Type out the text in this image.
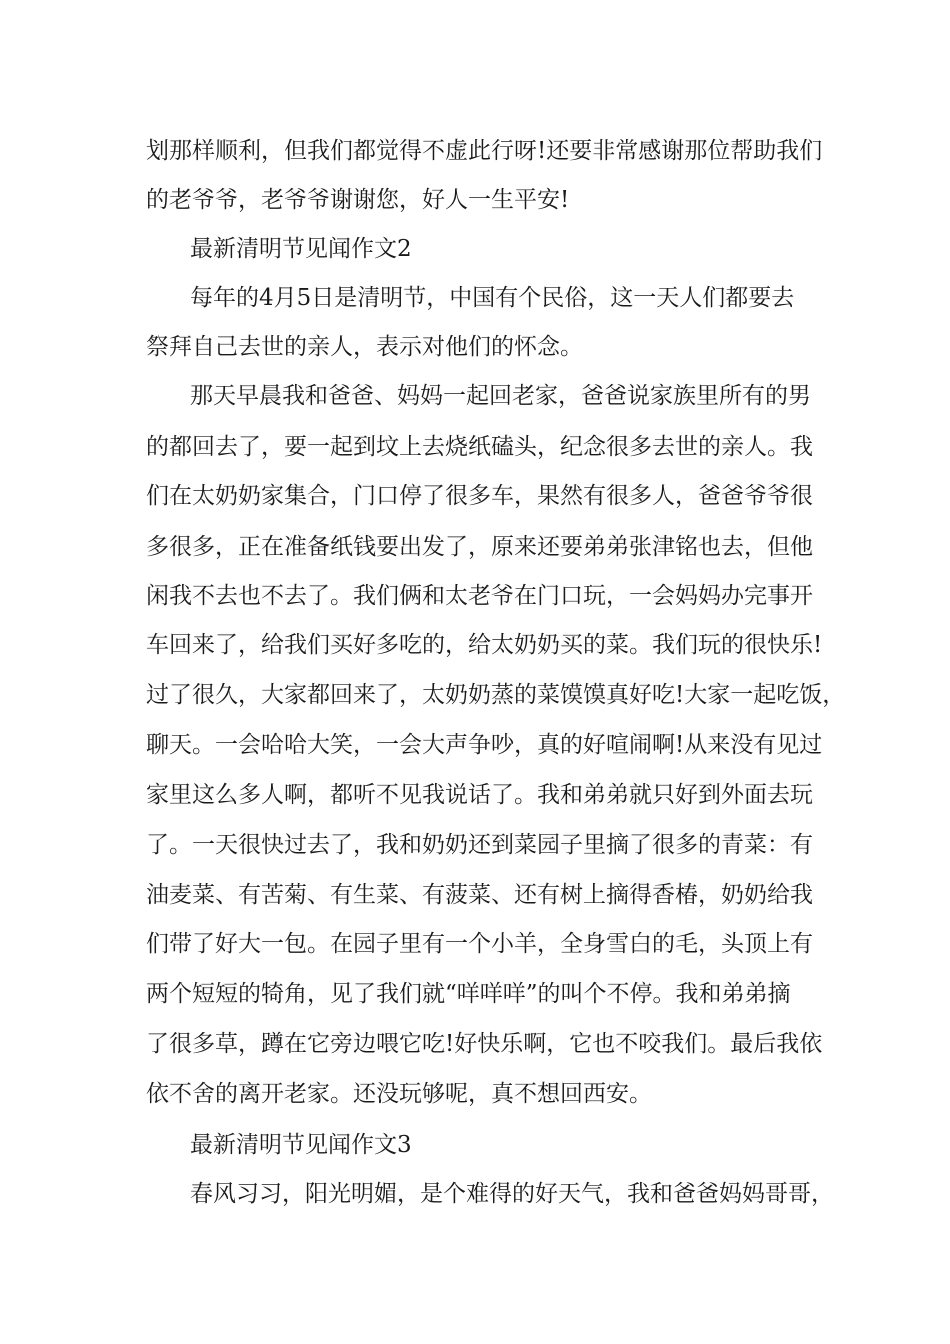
划那样顺利，但我们都觉得不虚此行呀!还要非常感谢那位帮助我们
的老爷爷，老爷爷谢谢您，好人一生平安!
最新清明节见闻作文2
每年的4月5日是清明节，中国有个民俗，这一天人们都要去
祭拜自己去世的亲人，表示对他们的怀念。
那天早晨我和爸爸、妈妈一起回老家，爸爸说家族里所有的男
的都回去了，要一起到坟上去烧纸磕头，纪念很多去世的亲人。我
们在太奶奶家集合，门口停了很多车，果然有很多人，爸爸爷爷很
多很多，正在准备纸钱要出发了，原来还要弟弟张津铭也去，但他
闲我不去也不去了。我们俩和太老爷在门口玩，一会妈妈办完事开
车回来了，给我们买好多吃的，给太奶奶买的菜。我们玩的很快乐!
过了很久，大家都回来了，太奶奶蒸的菜馍馍真好吃!大家一起吃饭，
聊天。一会哈哈大笑，一会大声争吵，真的好喧闹啊!从来没有见过
家里这么多人啊，都听不见我说话了。我和弟弟就只好到外面去玩
了。一天很快过去了，我和奶奶还到菜园子里摘了很多的青菜：有
油麦菜、有苦菊、有生菜、有菠菜、还有树上摘得香椿，奶奶给我
们带了好大一包。在园子里有一个小羊，全身雪白的毛，头顶上有
两个短短的犄角，见了我们就“咩咩咩”的叫个不停。我和弟弟摘
了很多草，蹲在它旁边喂它吃!好快乐啊，它也不咬我们。最后我依
依不舍的离开老家。还没玩够呢，真不想回西安。
最新清明节见闻作文3
春风习习，阳光明媚，是个难得的好天气，我和爸爸妈妈哥哥，
